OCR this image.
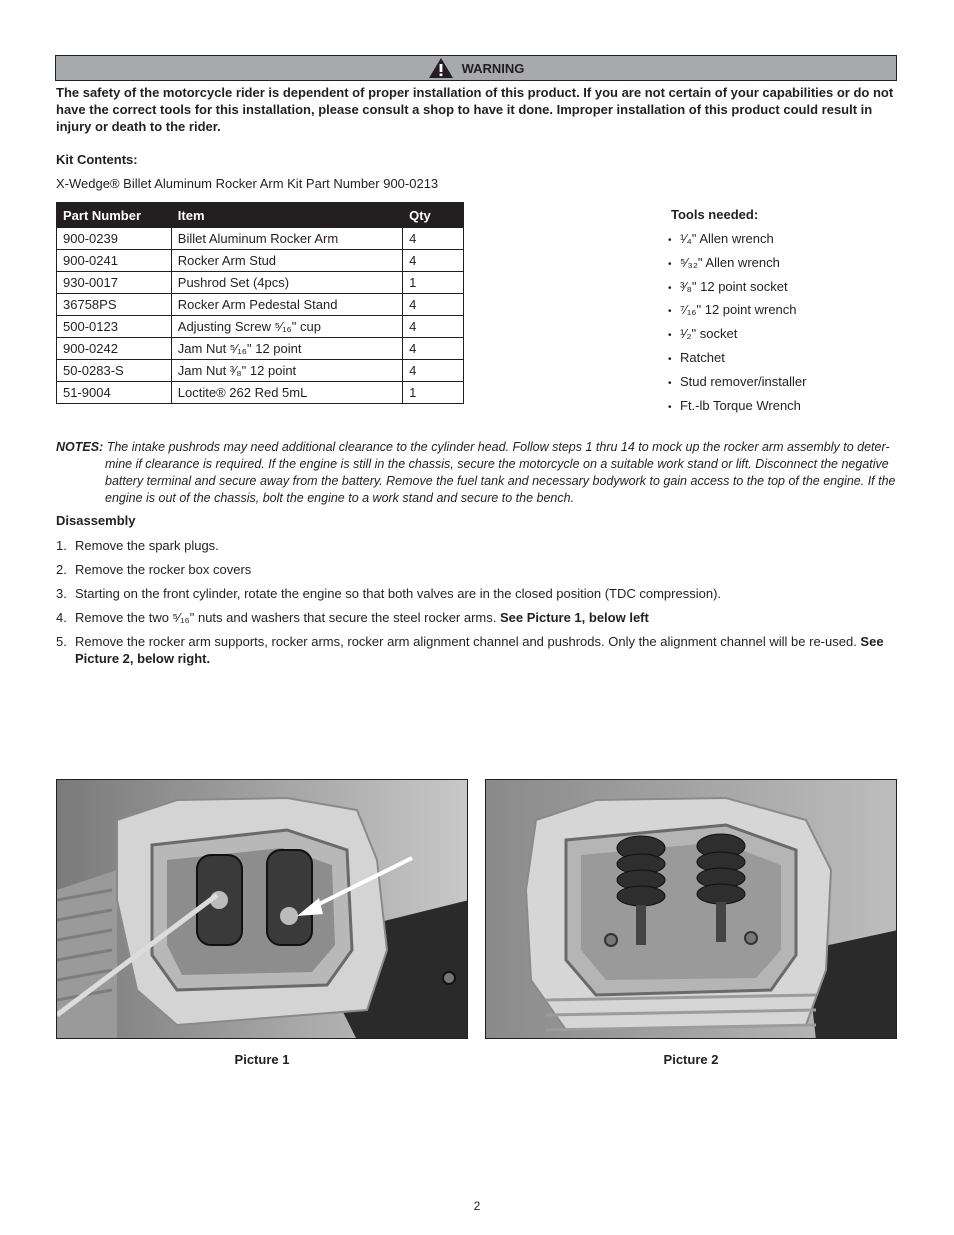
WARNING
The safety of the motorcycle rider is dependent of proper installation of this product. If you are not certain of your capabilities or do not have the correct tools for this installation, please consult a shop to have it done. Improper installation of this product could result in injury or death to the rider.
Kit Contents:
X-Wedge® Billet Aluminum Rocker Arm Kit Part Number 900-0213
Part Number	Item	Qty
900-0239	Billet Aluminum Rocker Arm	4
900-0241	Rocker Arm Stud	4
930-0017	Pushrod Set (4pcs)	1
36758PS	Rocker Arm Pedestal Stand	4
500-0123	Adjusting Screw ⁵⁄₁₆" cup	4
900-0242	Jam Nut ⁵⁄₁₆" 12 point	4
50-0283-S	Jam Nut ³⁄₈" 12 point	4
51-9004	Loctite® 262 Red 5mL	1
Tools needed:
• ¹⁄₄" Allen wrench
• ⁵⁄₃₂" Allen wrench
• ³⁄₈" 12 point socket
• ⁷⁄₁₆" 12 point wrench
• ¹⁄₂" socket
• Ratchet
• Stud remover/installer
• Ft.-lb Torque Wrench
NOTES: The intake pushrods may need additional clearance to the cylinder head. Follow steps 1 thru 14 to mock up the rocker arm assembly to deter-
mine if clearance is required. If the engine is still in the chassis, secure the motorcycle on a suitable work stand or lift. Disconnect the negative battery terminal and secure away from the battery. Remove the fuel tank and necessary bodywork to gain access to the top of the engine. If the engine is out of the chassis, bolt the engine to a work stand and secure to the bench.
Disassembly
1. Remove the spark plugs.
2. Remove the rocker box covers
3. Starting on the front cylinder, rotate the engine so that both valves are in the closed position (TDC compression).
4. Remove the two ⁵⁄₁₆" nuts and washers that secure the steel rocker arms. See Picture 1, below left
5. Remove the rocker arm supports, rocker arms, rocker arm alignment channel and pushrods. Only the alignment channel will be re-used. See Picture 2, below right.
Picture 1	Picture 2
2
